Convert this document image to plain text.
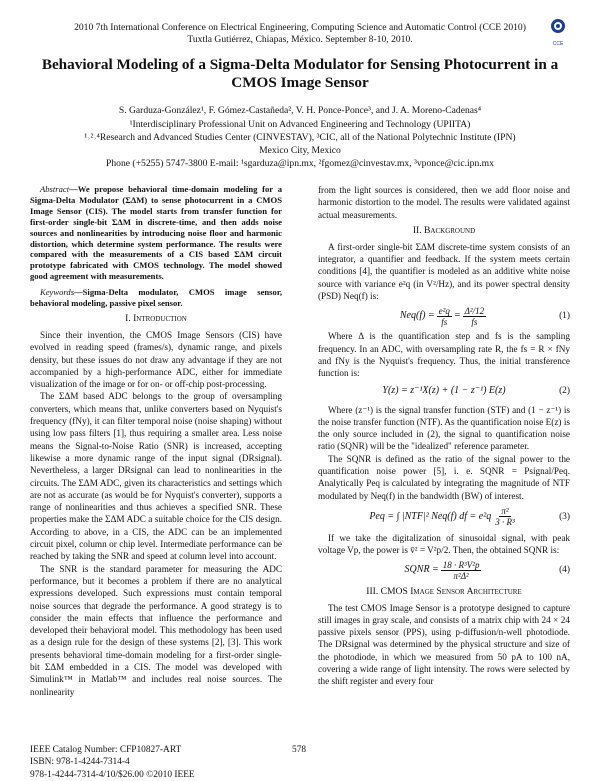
2010 7th International Conference on Electrical Engineering, Computing Science and Automatic Control (CCE 2010)
Tuxtla Gutiérrez, Chiapas, México. September 8-10, 2010.	CCE
Behavioral Modeling of a Sigma-Delta Modulator for Sensing Photocurrent in a
CMOS Image Sensor
S. Garduza-González¹, F. Gómez-Castañeda², V. H. Ponce-Ponce³, and J. A. Moreno-Cadenas⁴
¹Interdisciplinary Professional Unit on Advanced Engineering and Technology (UPIITA)
¹˒²˒⁴Research and Advanced Studies Center (CINVESTAV), ³CIC, all of the National Polytechnic Institute (IPN)
Mexico City, Mexico
Phone (+5255) 5747-3800 E-mail: ¹sgarduza@ipn.mx, ²fgomez@cinvestav.mx, ³vponce@cic.ipn.mx

Abstract—We propose behavioral time-domain modeling for a Sigma-Delta Modulator (ΣΔM) to sense photocurrent in a CMOS Image Sensor (CIS). The model starts from transfer function for first-order single-bit ΣΔM in discrete-time, and then adds noise sources and nonlinearities by introducing noise floor and harmonic distortion, which determine system performance. The results were compared with the measurements of a CIS based ΣΔM circuit prototype fabricated with CMOS technology. The model showed good agreement with measurements.

Keywords—Sigma-Delta modulator, CMOS image sensor, behavioral modeling, passive pixel sensor.

I. Introduction

Since their invention, the CMOS Image Sensors (CIS) have evolved in reading speed (frames/s), dynamic range, and pixels density, but these issues do not draw any advantage if they are not accompanied by a high-performance ADC, either for immediate visualization of the image or for on- or off-chip post-processing.

The ΣΔM based ADC belongs to the group of oversampling converters, which means that, unlike converters based on Nyquist's frequency (fNy), it can filter temporal noise (noise shaping) without using low pass filters [1], thus requiring a smaller area. Less noise means the Signal-to-Noise Ratio (SNR) is increased, accepting likewise a more dynamic range of the input signal (DRsignal). Nevertheless, a larger DRsignal can lead to nonlinearities in the circuits. The ΣΔM ADC, given its characteristics and settings which are not as accurate (as would be for Nyquist's converter), supports a range of nonlinearities and thus achieves a specified SNR. These properties make the ΣΔM ADC a suitable choice for the CIS design. According to above, in a CIS, the ADC can be an implemented circuit pixel, column or chip level. Intermediate performance can be reached by taking the SNR and speed at column level into account.

The SNR is the standard parameter for measuring the ADC performance, but it becomes a problem if there are no analytical expressions developed. Such expressions must contain temporal noise sources that degrade the performance. A good strategy is to consider the main effects that influence the performance and developed their behavioral model. This methodology has been used as a design rule for the design of these systems [2], [3]. This work presents behavioral time-domain modeling for a first-order single-bit ΣΔM embedded in a CIS. The model was developed with Simulink™ in Matlab™ and includes real noise sources. The nonlinearity

from the light sources is considered, then we add floor noise and harmonic distortion to the model. The results were validated against actual measurements.

II. Background

A first-order single-bit ΣΔM discrete-time system consists of an integrator, a quantifier and feedback. If the system meets certain conditions [4], the quantifier is modeled as an additive white noise source with variance e²q (in V²/Hz), and its power spectral density (PSD) Neq(f) is:

$Neq(f) = \frac{\text{e²q}}{fs} = \frac{\text{Δ²/12}}{fs}$	(1)

Where Δ is the quantification step and fs is the sampling frequency. In an ADC, with oversampling rate R, the fs = R × fNy and fNy is the Nyquist's frequency. Thus, the initial transference function is:

Y(z) = z⁻¹X(z) + (1 − z⁻¹) E(z)	(2)

Where (z⁻¹) is the signal transfer function (STF) and (1 − z⁻¹) is the noise transfer function (NTF). As the quantification noise E(z) is the only source included in (2), the signal to quantification noise ratio (SQNR) will be the "idealized" reference parameter.

The SQNR is defined as the ratio of the signal power to the quantification noise power [5], i. e. SQNR = Psignal/Peq. Analytically Peq is calculated by integrating the magnitude of NTF modulated by Neq(f) in the bandwidth (BW) of interest.

Peq = ∫ |NTF|² Neq(f) df = $e^2q \frac{\text{π²}}{\text{3 · R³}}$	(3)

If we take the digitalization of sinusoidal signal, with peak voltage Vp, the power is v̄² = V²p/2. Then, the obtained SQNR is:

SQNR = $\frac{\text{18 · R³V²p}}{\text{π²Δ²}}$	(4)
III. CMOS Image Sensor Architecture

The test CMOS Image Sensor is a prototype designed to capture still images in gray scale, and consists of a matrix chip with 24 × 24 passive pixels sensor (PPS), using p-diffusion/n-well photodiode. The DRsignal was determined by the physical structure and size of the photodiode, in which we measured from 50 pA to 100 nA, covering a wide range of light intensity. The rows were selected by the shift register and every four

IEEE Catalog Number: CFP10827-ART
ISBN: 978-1-4244-7314-4
978-1-4244-7314-4/10/$26.00 ©2010 IEEE
578
